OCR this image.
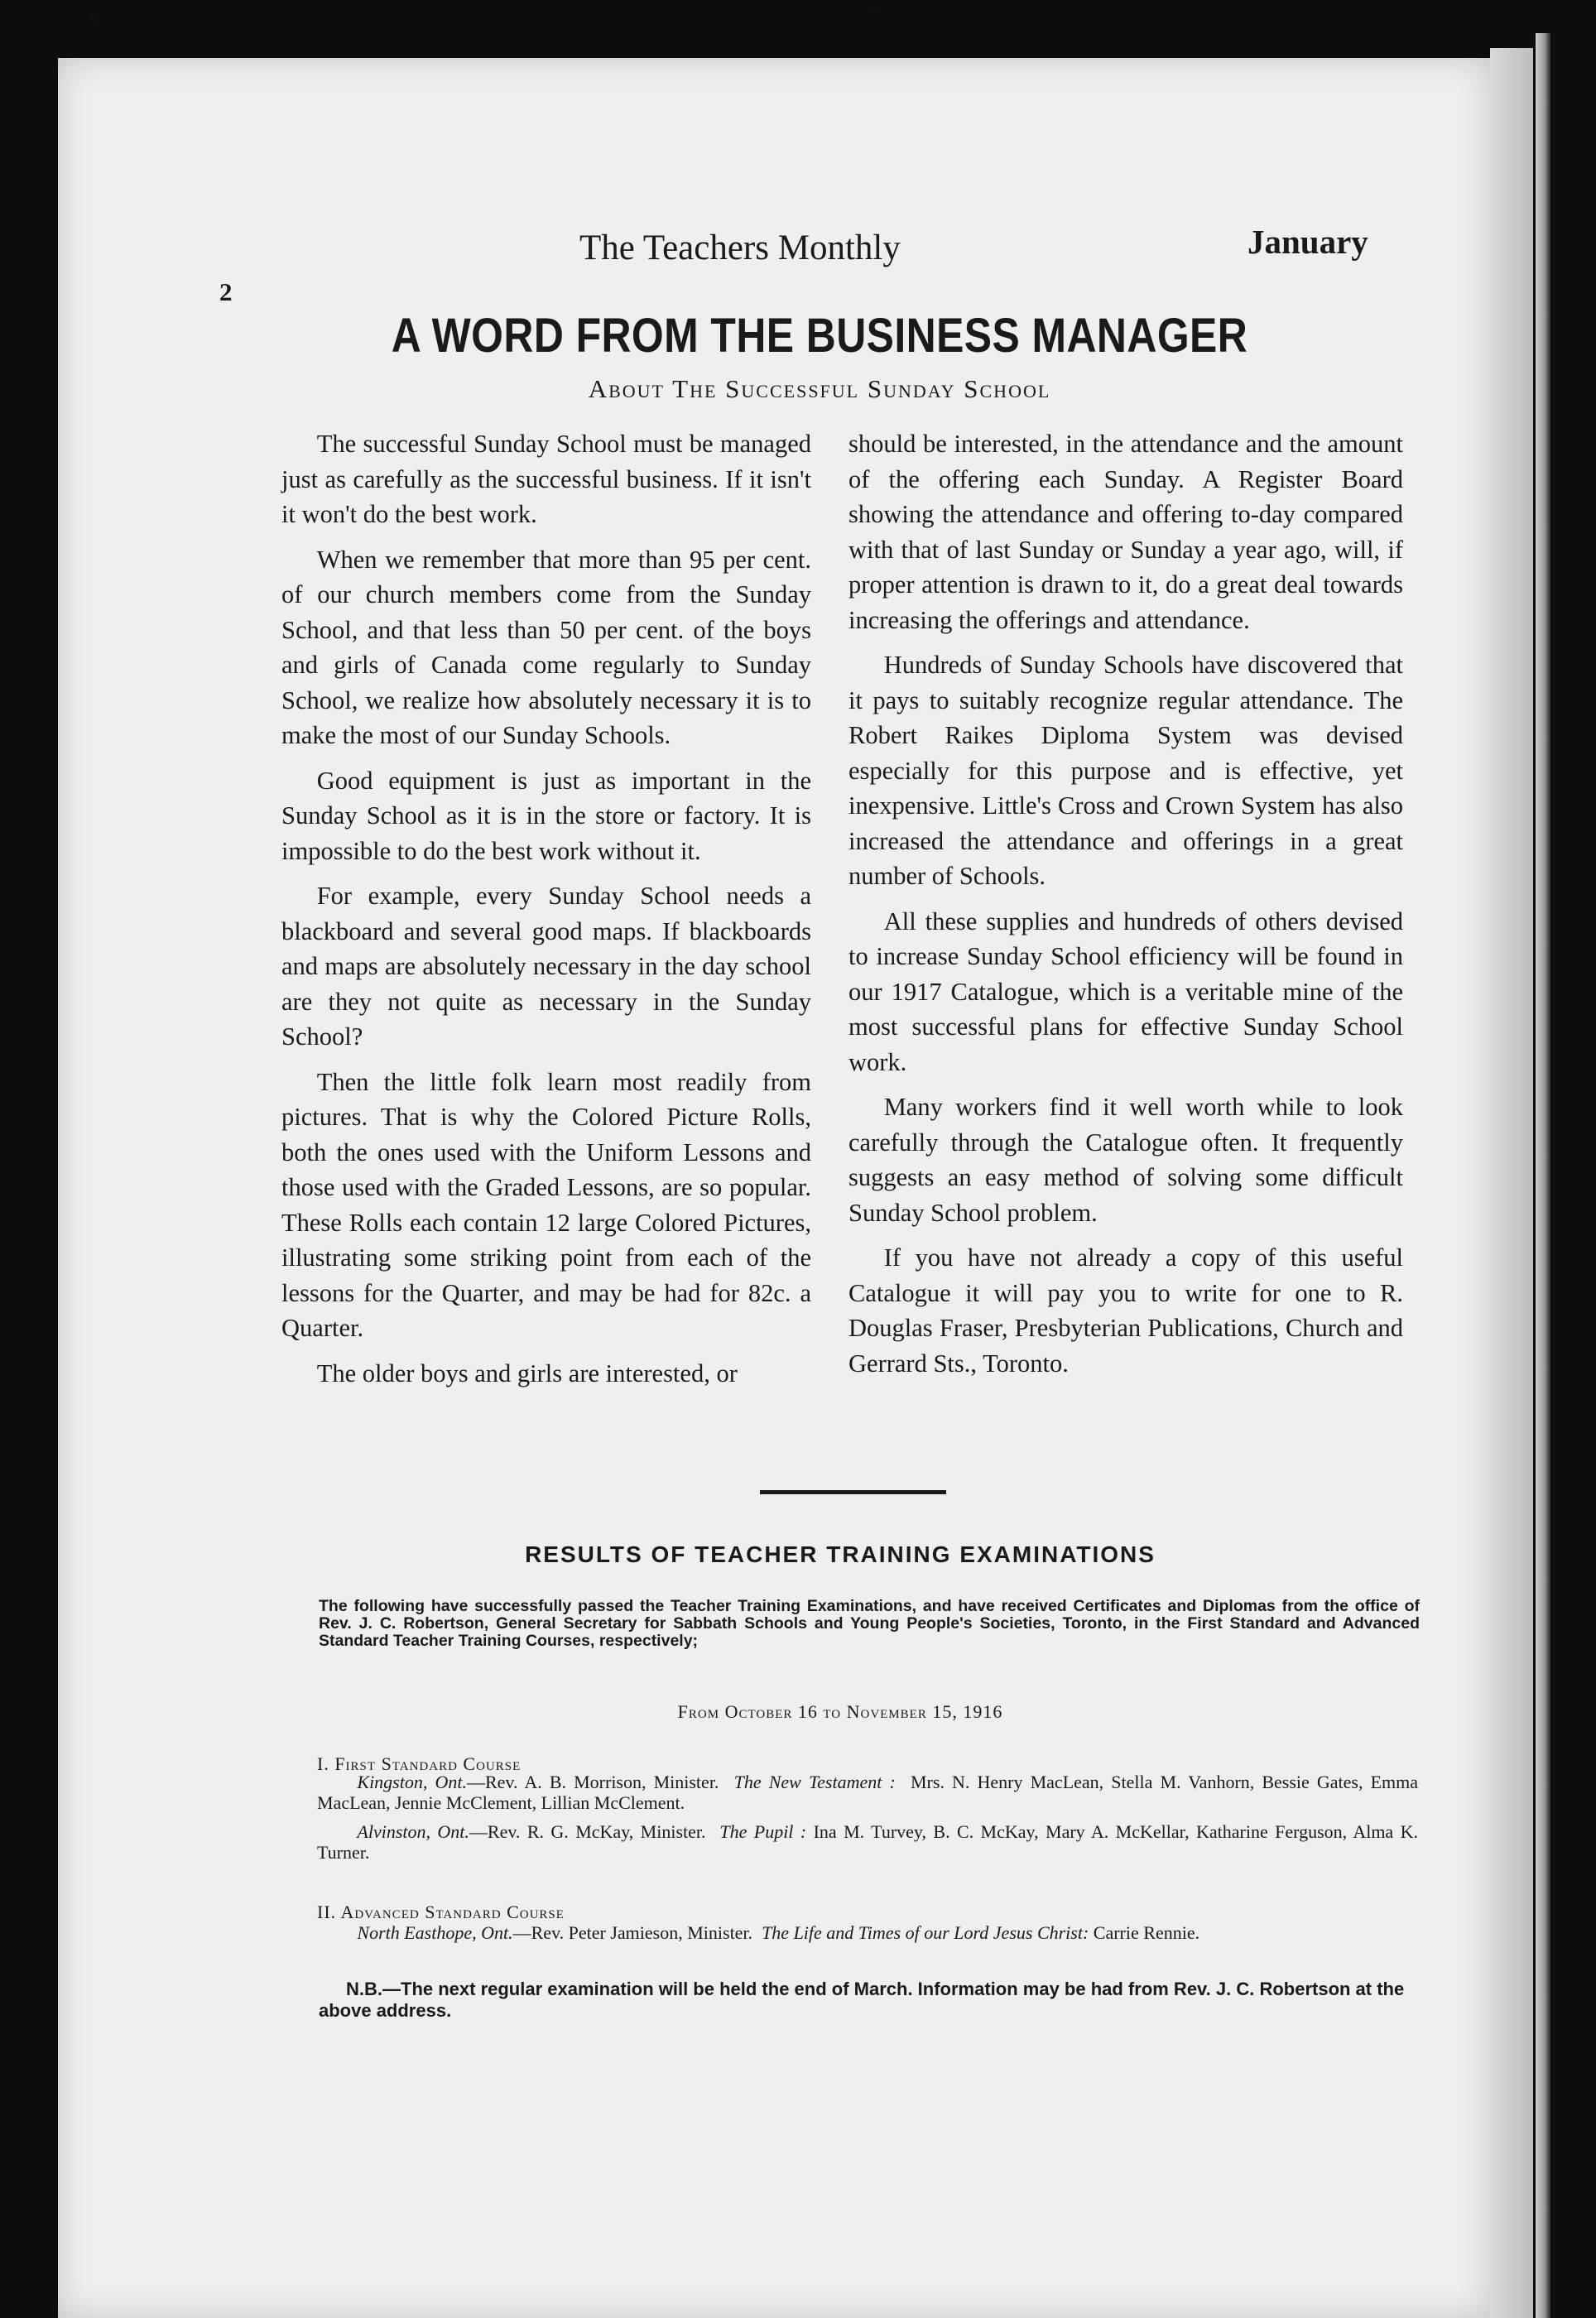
2
The Teachers Monthly	January
A WORD FROM THE BUSINESS MANAGER
About The Successful Sunday School

The successful Sunday School must be managed just as carefully as the successful business. If it isn't it won't do the best work.

When we remember that more than 95 per cent. of our church members come from the Sunday School, and that less than 50 per cent. of the boys and girls of Canada come regularly to Sunday School, we realize how absolutely necessary it is to make the most of our Sunday Schools.

Good equipment is just as important in the Sunday School as it is in the store or factory. It is impossible to do the best work without it.

For example, every Sunday School needs a blackboard and several good maps. If blackboards and maps are absolutely necessary in the day school are they not quite as necessary in the Sunday School?

Then the little folk learn most readily from pictures. That is why the Colored Picture Rolls, both the ones used with the Uniform Lessons and those used with the Graded Lessons, are so popular. These Rolls each contain 12 large Colored Pictures, illustrating some striking point from each of the lessons for the Quarter, and may be had for 82c. a Quarter.

The older boys and girls are interested, or

should be interested, in the attendance and the amount of the offering each Sunday. A Register Board showing the attendance and offering to-day compared with that of last Sunday or Sunday a year ago, will, if proper attention is drawn to it, do a great deal towards increasing the offerings and attendance.

Hundreds of Sunday Schools have discovered that it pays to suitably recognize regular attendance. The Robert Raikes Diploma System was devised especially for this purpose and is effective, yet inexpensive. Little's Cross and Crown System has also increased the attendance and offerings in a great number of Schools.

All these supplies and hundreds of others devised to increase Sunday School efficiency will be found in our 1917 Catalogue, which is a veritable mine of the most successful plans for effective Sunday School work.

Many workers find it well worth while to look carefully through the Catalogue often. It frequently suggests an easy method of solving some difficult Sunday School problem.

If you have not already a copy of this useful Catalogue it will pay you to write for one to R. Douglas Fraser, Presbyterian Publications, Church and Gerrard Sts., Toronto.

RESULTS OF TEACHER TRAINING EXAMINATIONS
The following have successfully passed the Teacher Training Examinations, and have received Certificates and Diplomas from the office of Rev. J. C. Robertson, General Secretary for Sabbath Schools and Young People's Societies, Toronto, in the First Standard and Advanced Standard Teacher Training Courses, respectively;
From October 16 to November 15, 1916
I. First Standard Course
Kingston, Ont.—Rev. A. B. Morrison, Minister. The New Testament : Mrs. N. Henry MacLean, Stella M. Vanhorn, Bessie Gates, Emma MacLean, Jennie McClement, Lillian McClement.
Alvinston, Ont.—Rev. R. G. McKay, Minister. The Pupil : Ina M. Turvey, B. C. McKay, Mary A. McKellar, Katharine Ferguson, Alma K. Turner.
II. Advanced Standard Course
North Easthope, Ont.—Rev. Peter Jamieson, Minister. The Life and Times of our Lord Jesus Christ: Carrie Rennie.
N.B.—The next regular examination will be held the end of March. Information may be had from Rev. J. C. Robertson at the above address.
